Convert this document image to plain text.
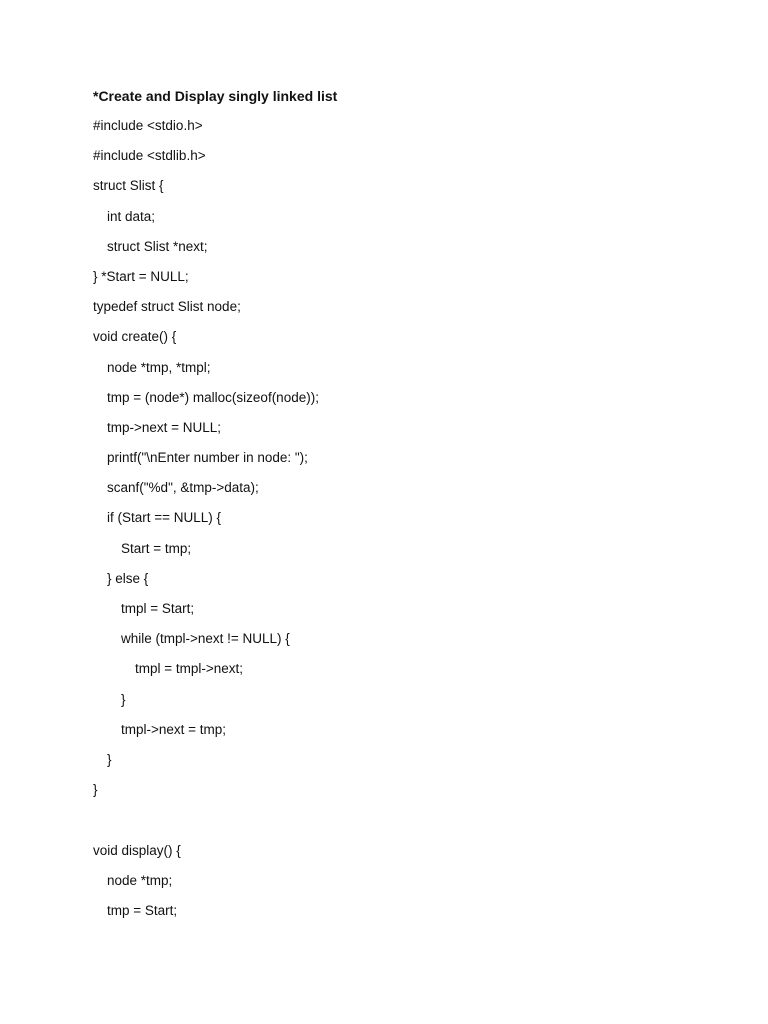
*Create and Display singly linked list
#include <stdio.h>
#include <stdlib.h>
struct Slist {
int data;
struct Slist *next;
} *Start = NULL;
typedef struct Slist node;
void create() {
node *tmp, *tmpl;
tmp = (node*) malloc(sizeof(node));
tmp->next = NULL;
printf("\nEnter number in node: ");
scanf("%d", &tmp->data);
if (Start == NULL) {
Start = tmp;
} else {
tmpl = Start;
while (tmpl->next != NULL) {
tmpl = tmpl->next;
}
tmpl->next = tmp;
}
}
void display() {
node *tmp;
tmp = Start;
